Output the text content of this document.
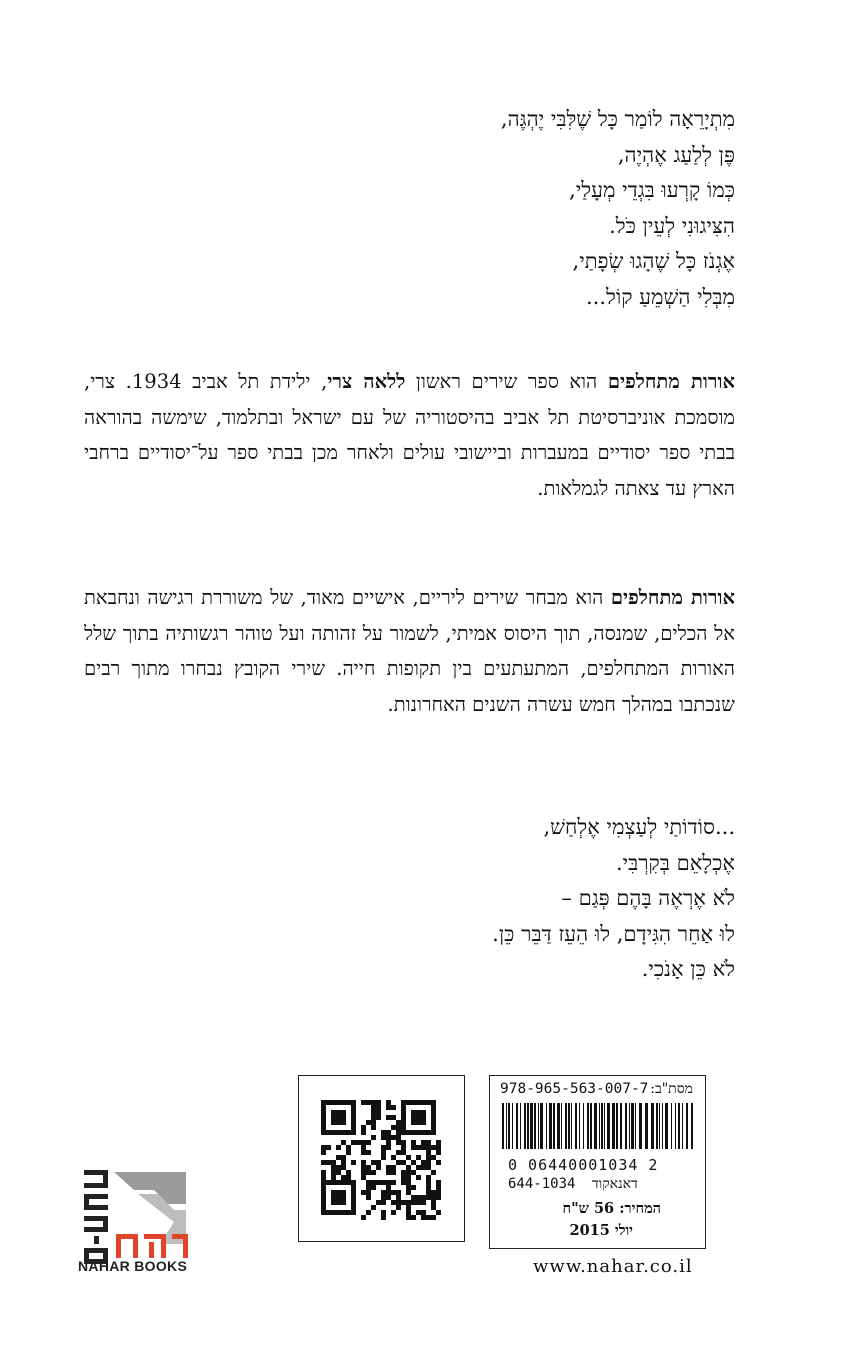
מִתְיָרֵאָה לוֹמַר כָּל שֶׁלִּבִּי יֶהְגֶּה,
פֶּן לְלַעַג אֶהְיֶה,
כְּמוֹ קָרְעוּ בִּגְדֵי מְעָלַי,
הִצִּיגוּנִי לְעֵין כֹּל.
אֶגְנֹז כָּל שֶׁהָגוּ שְׂפָתַי,
מִבְּלִי הַשְׁמֵעַ קוֹל...
אורות מתחלפים הוא ספר שירים ראשון ללאה צרי, ילידת תל אביב 1934. צרי, מוסמכת אוניברסיטת תל אביב בהיסטוריה של עם ישראל ובתלמוד, שימשה בהוראה בבתי ספר יסודיים במעברות וביישובי עולים ולאחר מכן בבתי ספר על־יסודיים ברחבי הארץ עד צאתה לגמלאות.
אורות מתחלפים הוא מבחר שירים ליריים, אישיים מאוד, של משוררת רגישה ונחבאת אל הכלים, שמנסה, תוך היסוס אמיתי, לשמור על זהותה ועל טוהר רגשותיה בתוך שלל האורות המתחלפים, המתעתעים בין תקופות חייה. שירי הקובץ נבחרו מתוך רבים שנכתבו במהלך חמש עשרה השנים האחרונות.
...סוֹדוֹתַי לְעַצְמִי אֶלְחַשׁ,
אֶכְלָאֵם בְּקִרְבִּי.
לֹא אֶרְאֶה בָּהֶם פְּגַם –
לוּ אַחֵר הִגִּידָם, לוּ הֵעֵז דַּבֵּר כֵּן.
לֹא כֵּן אָנֹכִי.
NAHAR BOOKS
978-965-563-007-7 מסת"ב:
0 06440001034 2
644-1034 דאנאקוד
המחיר: 56 ש"ח
יולי 2015
www.nahar.co.il
